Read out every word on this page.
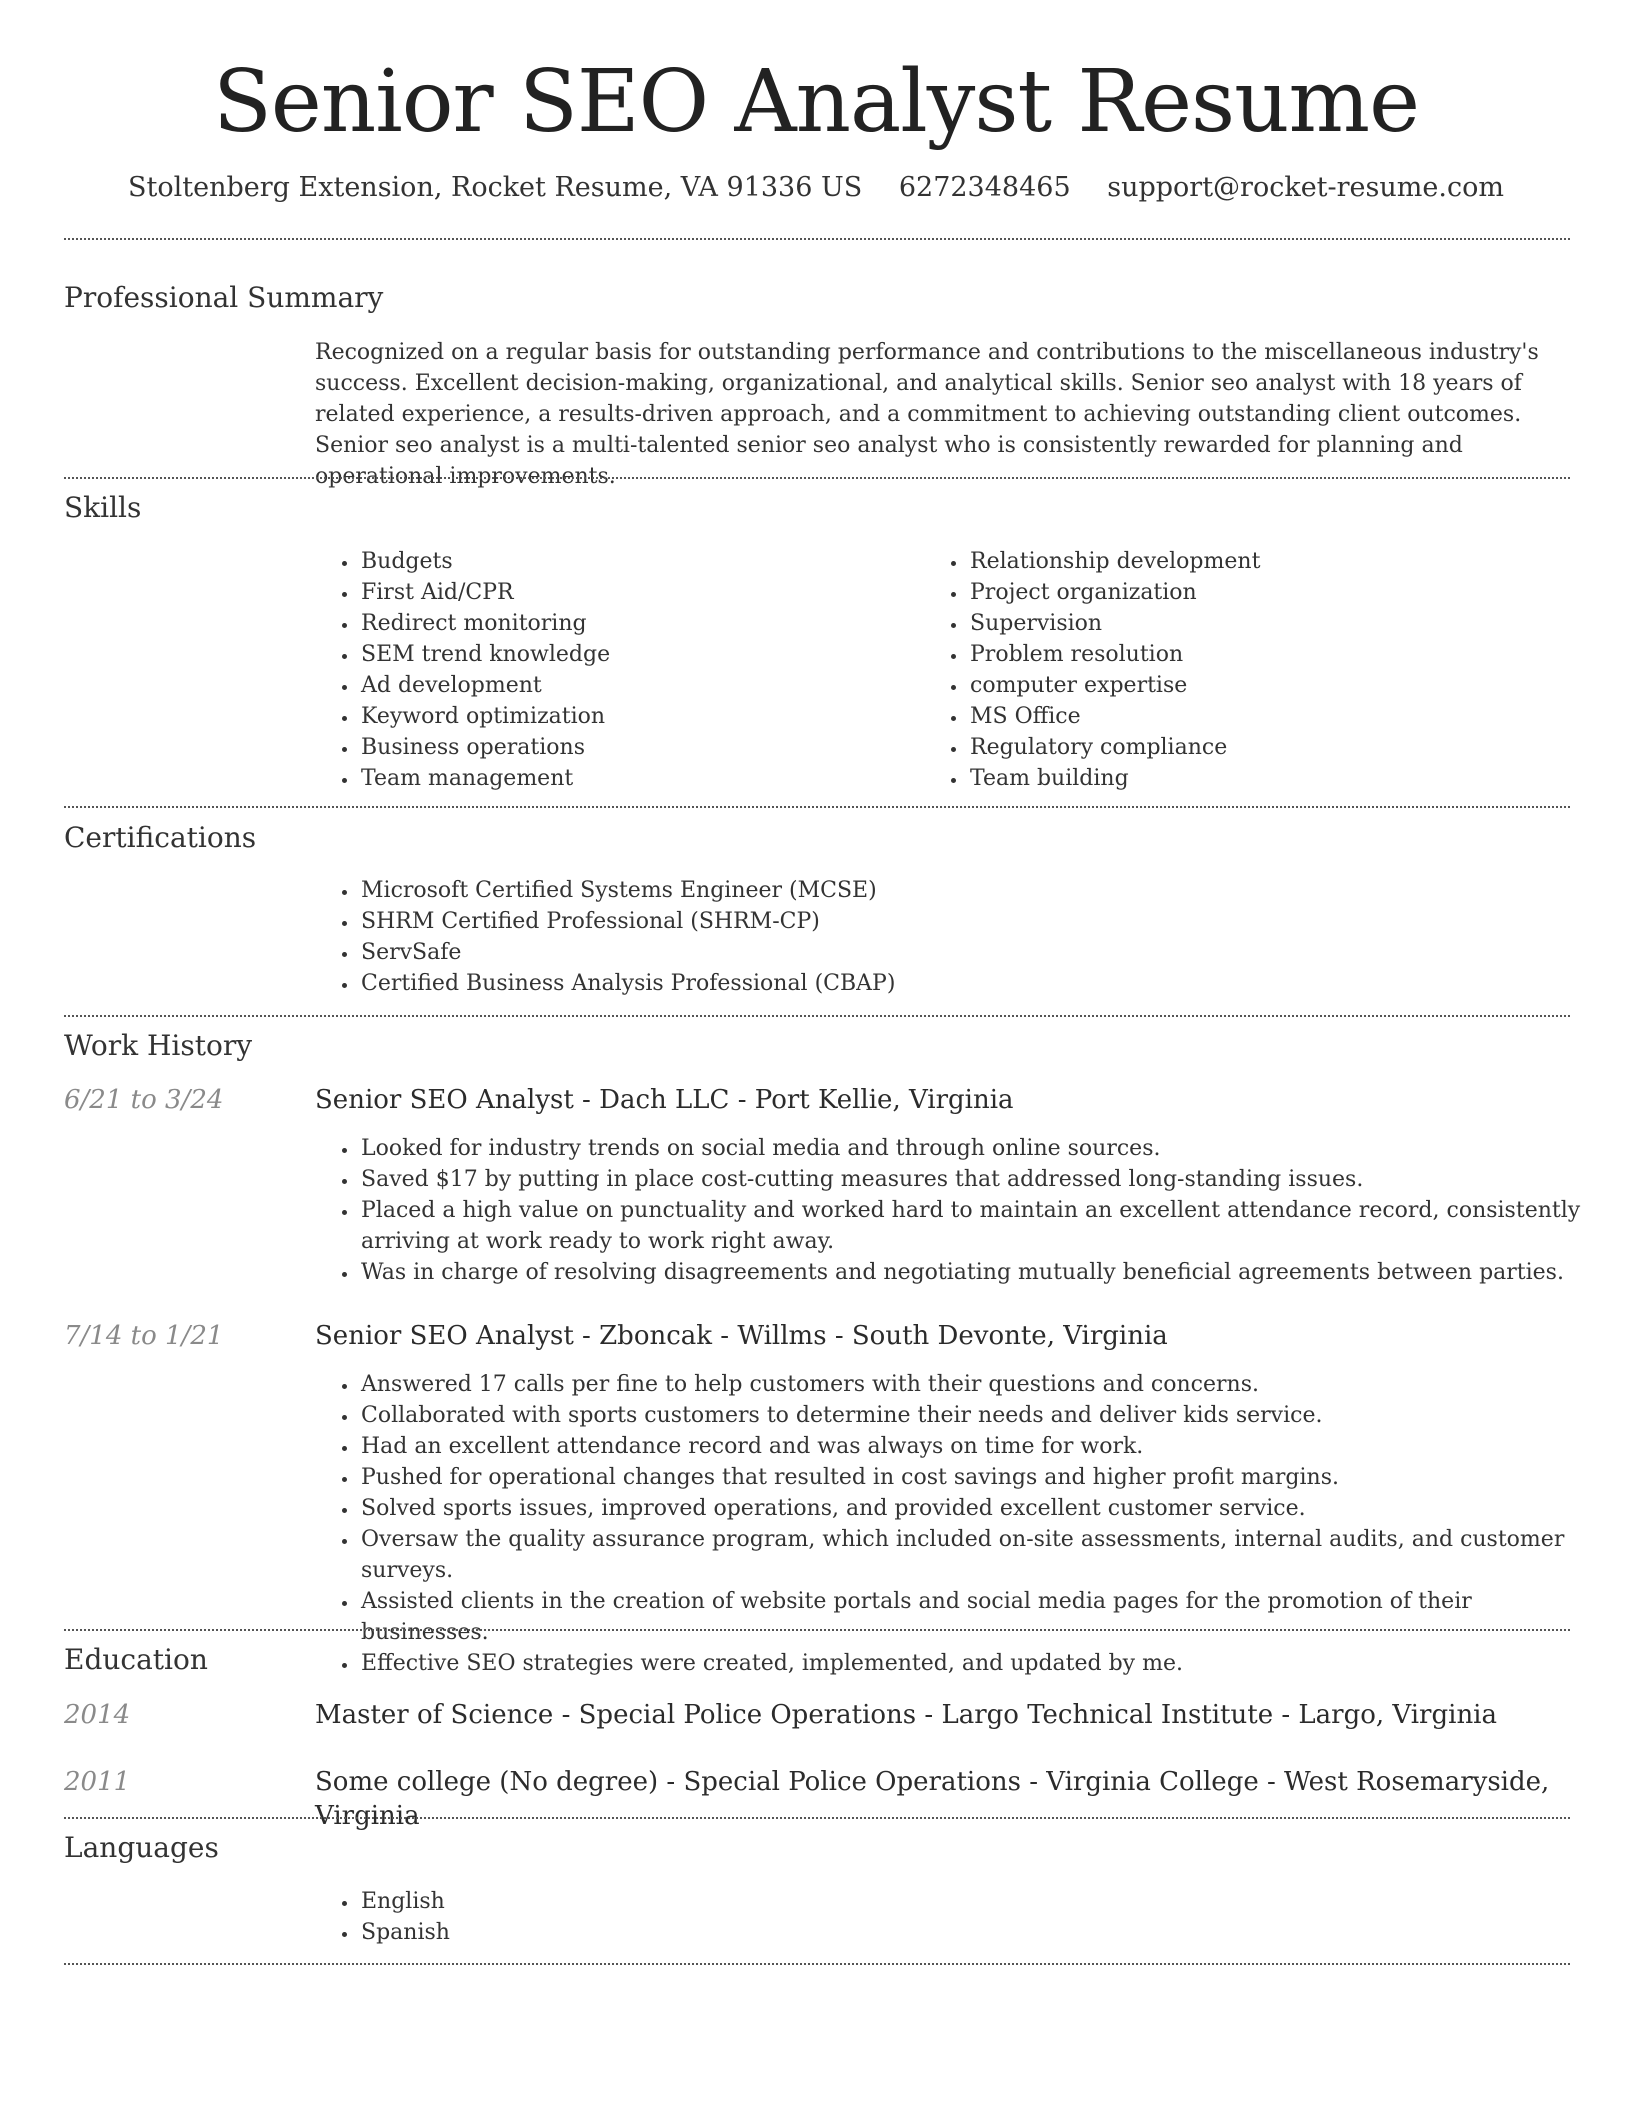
Senior SEO Analyst Resume
Stoltenberg Extension, Rocket Resume, VA 91336 US 6272348465 support@rocket-resume.com
Professional Summary
Recognized on a regular basis for outstanding performance and contributions to the miscellaneous industry's success. Excellent decision-making, organizational, and analytical skills. Senior seo analyst with 18 years of related experience, a results-driven approach, and a commitment to achieving outstanding client outcomes. Senior seo analyst is a multi-talented senior seo analyst who is consistently rewarded for planning and operational improvements.
Skills
• Budgets
• First Aid/CPR
• Redirect monitoring
• SEM trend knowledge
• Ad development
• Keyword optimization
• Business operations
• Team management
• Relationship development
• Project organization
• Supervision
• Problem resolution
• computer expertise
• MS Office
• Regulatory compliance
• Team building
Certifications
• Microsoft Certified Systems Engineer (MCSE)
• SHRM Certified Professional (SHRM-CP)
• ServSafe
• Certified Business Analysis Professional (CBAP)
Work History
6/21 to 3/24	Senior SEO Analyst - Dach LLC - Port Kellie, Virginia
• Looked for industry trends on social media and through online sources.
• Saved $17 by putting in place cost-cutting measures that addressed long-standing issues.
• Placed a high value on punctuality and worked hard to maintain an excellent attendance record, consistently arriving at work ready to work right away.
• Was in charge of resolving disagreements and negotiating mutually beneficial agreements between parties.
7/14 to 1/21	Senior SEO Analyst - Zboncak - Willms - South Devonte, Virginia
• Answered 17 calls per fine to help customers with their questions and concerns.
• Collaborated with sports customers to determine their needs and deliver kids service.
• Had an excellent attendance record and was always on time for work.
• Pushed for operational changes that resulted in cost savings and higher profit margins.
• Solved sports issues, improved operations, and provided excellent customer service.
• Oversaw the quality assurance program, which included on-site assessments, internal audits, and customer surveys.
• Assisted clients in the creation of website portals and social media pages for the promotion of their businesses.
• Effective SEO strategies were created, implemented, and updated by me.
Education
2014	Master of Science - Special Police Operations - Largo Technical Institute - Largo, Virginia
2011	Some college (No degree) - Special Police Operations - Virginia College - West Rosemaryside, Virginia
Languages
• English
• Spanish
